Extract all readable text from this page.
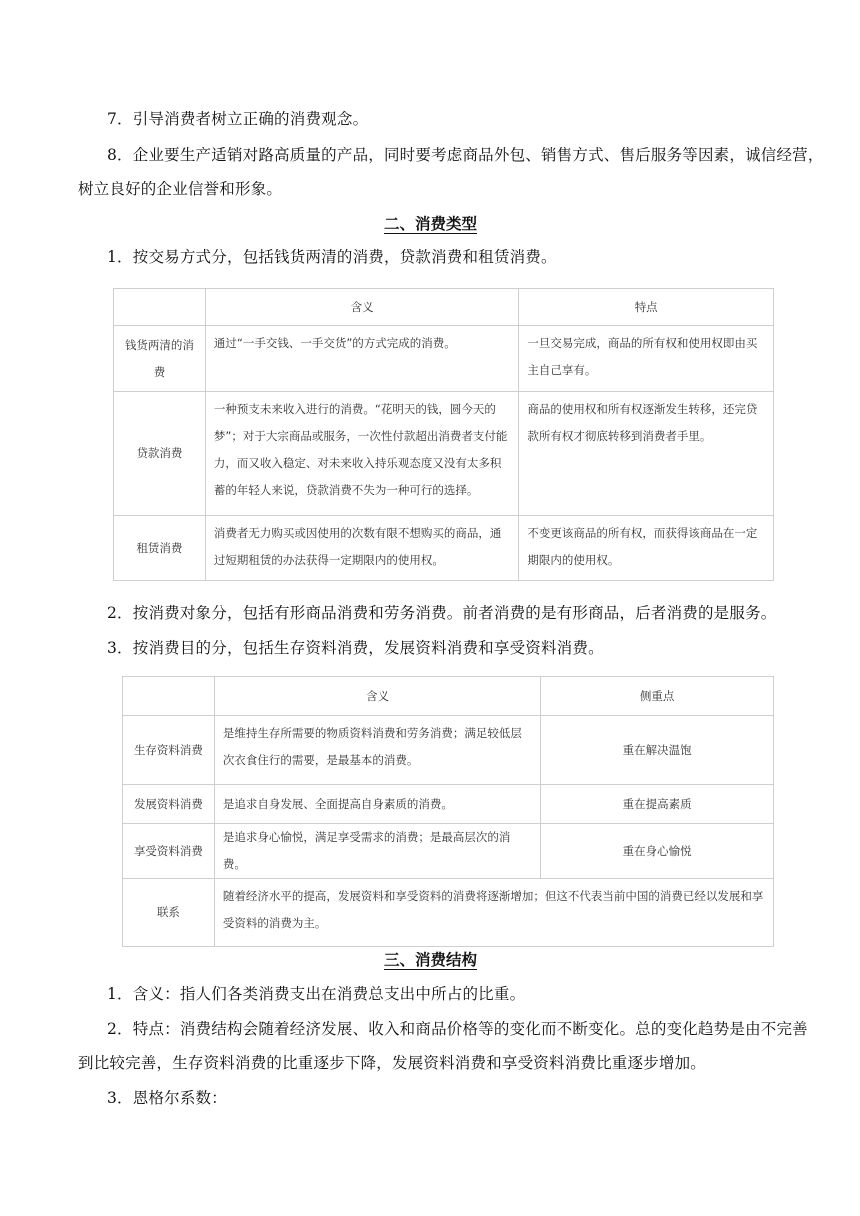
7．引导消费者树立正确的消费观念。
8．企业要生产适销对路高质量的产品，同时要考虑商品外包、销售方式、售后服务等因素，诚信经营，
树立良好的企业信誉和形象。
二、消费类型
1．按交易方式分，包括钱货两清的消费，贷款消费和租赁消费。
	含义	特点
钱货两清的消费	通过“一手交钱、一手交货”的方式完成的消费。	一旦交易完成，商品的所有权和使用权即由买主自己享有。
贷款消费	一种预支未来收入进行的消费。“花明天的钱，圆今天的梦”；对于大宗商品或服务，一次性付款超出消费者支付能力，而又收入稳定、对未来收入持乐观态度又没有太多积蓄的年轻人来说，贷款消费不失为一种可行的选择。	商品的使用权和所有权逐渐发生转移，还完贷款所有权才彻底转移到消费者手里。
租赁消费	消费者无力购买或因使用的次数有限不想购买的商品，通过短期租赁的办法获得一定期限内的使用权。	不变更该商品的所有权，而获得该商品在一定期限内的使用权。
2．按消费对象分，包括有形商品消费和劳务消费。前者消费的是有形商品，后者消费的是服务。
3．按消费目的分，包括生存资料消费，发展资料消费和享受资料消费。
	含义	侧重点
生存资料消费	是维持生存所需要的物质资料消费和劳务消费；满足较低层次衣食住行的需要，是最基本的消费。	重在解决温饱
发展资料消费	是追求自身发展、全面提高自身素质的消费。	重在提高素质
享受资料消费	是追求身心愉悦，满足享受需求的消费；是最高层次的消费。	重在身心愉悦
联系	随着经济水平的提高，发展资料和享受资料的消费将逐渐增加；但这不代表当前中国的消费已经以发展和享受资料的消费为主。	
三、消费结构
1．含义：指人们各类消费支出在消费总支出中所占的比重。
2．特点：消费结构会随着经济发展、收入和商品价格等的变化而不断变化。总的变化趋势是由不完善
到比较完善，生存资料消费的比重逐步下降，发展资料消费和享受资料消费比重逐步增加。
3．恩格尔系数：
